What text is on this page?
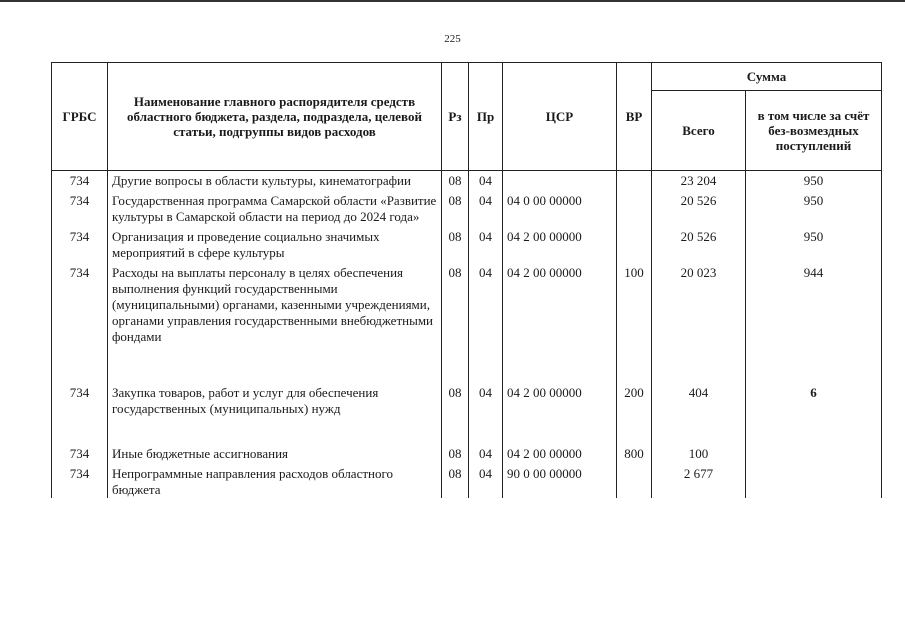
225
ГРБС	Наименование главного распорядителя средств областного бюджета, раздела, подраздела, целевой статьи, подгруппы видов расходов	Рз	Пр	ЦСР	ВР	Сумма	
						Всего	в том числе за счёт без-возмездных поступлений
734	Другие вопросы в области культуры, кинематографии	08	04			23 204	950
734	Государственная программа Самарской области «Развитие культуры в Самарской области на период до 2024 года»	08	04	04 0 00 00000		20 526	950
734	Организация и проведение социально значимых мероприятий в сфере культуры	08	04	04 2 00 00000		20 526	950
734	Расходы на выплаты персоналу в целях обеспечения выполнения функций государственными (муниципальными) органами, казенными учреждениями, органами управления государственными внебюджетными фондами	08	04	04 2 00 00000	100	20 023	944
734	Закупка товаров, работ и услуг для обеспечения государственных (муниципальных) нужд	08	04	04 2 00 00000	200	404	6
734	Иные бюджетные ассигнования	08	04	04 2 00 00000	800	100	
734	Непрограммные направления расходов областного бюджета	08	04	90 0 00 00000		2 677	
